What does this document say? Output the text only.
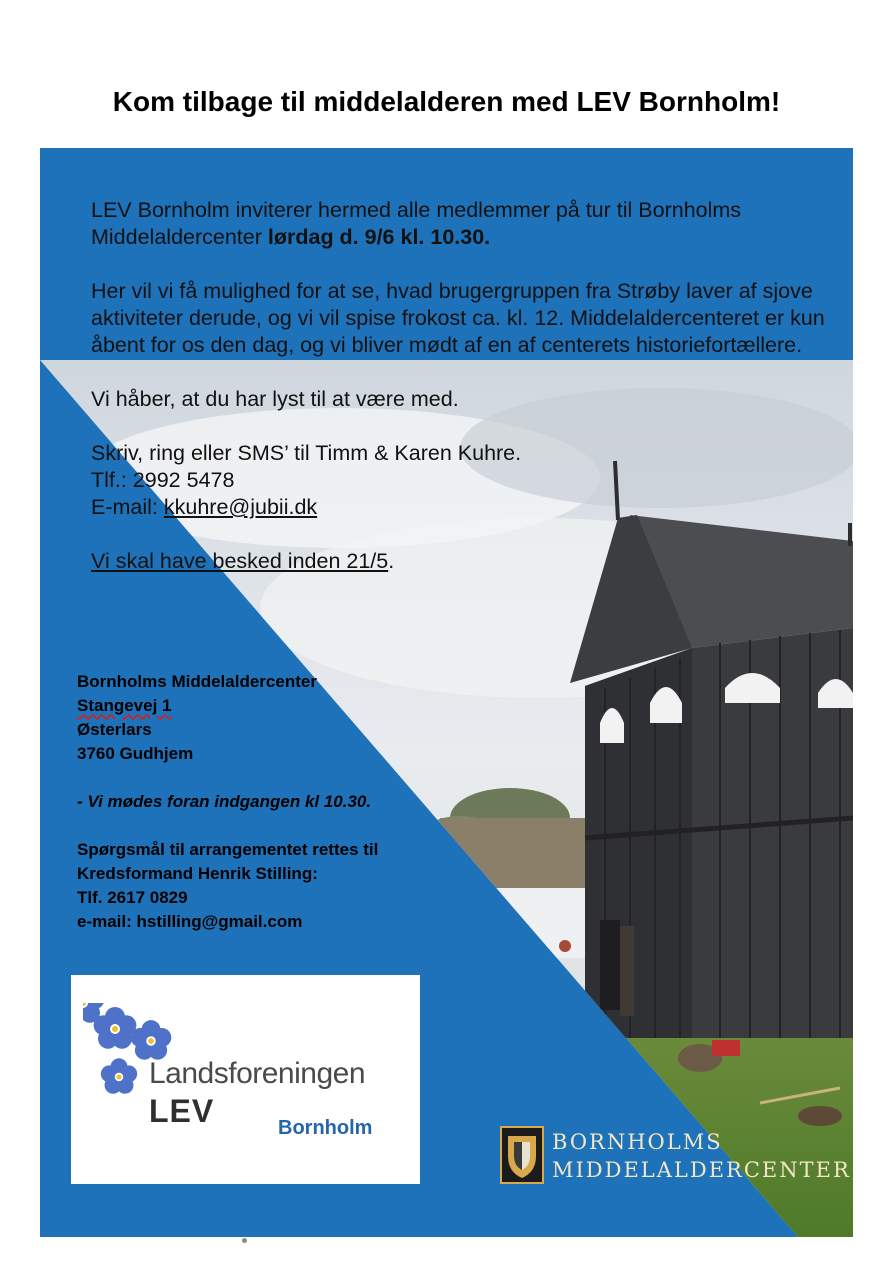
Kom tilbage til middelalderen med LEV Bornholm!

LEV Bornholm inviterer hermed alle medlemmer på tur til Bornholms Middelaldercenter lørdag d. 9/6 kl. 10.30.

Her vil vi få mulighed for at se, hvad brugergruppen fra Strøby laver af sjove aktiviteter derude, og vi vil spise frokost ca. kl. 12. Middelaldercenteret er kun åbent for os den dag, og vi bliver mødt af en af centerets historiefortællere.

Vi håber, at du har lyst til at være med.

Skriv, ring eller SMS’ til Timm & Karen Kuhre.
Tlf.: 2992 5478
E-mail: kkuhre@jubii.dk

Vi skal have besked inden 21/5.

Bornholms Middelaldercenter
Stangevej 1
Østerlars
3760 Gudhjem

- Vi mødes foran indgangen kl 10.30.

Spørgsmål til arrangementet rettes til
Kredsformand Henrik Stilling:
Tlf. 2617 0829
e-mail: hstilling@gmail.com

Landsforeningen
LEV	Bornholm
BORNHOLMS
MIDDELALDERCENTER
